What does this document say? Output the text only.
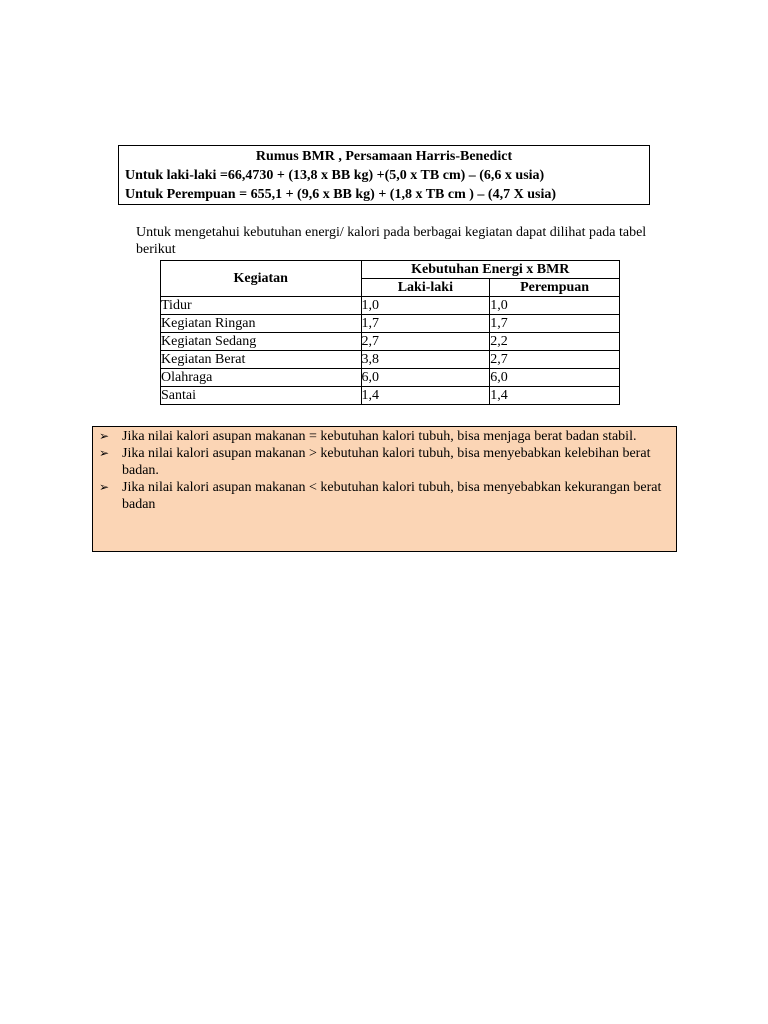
Rumus BMR , Persamaan Harris-Benedict
Untuk laki-laki =66,4730 + (13,8 x BB kg) +(5,0 x TB cm) – (6,6 x usia)
Untuk Perempuan = 655,1 + (9,6 x BB kg) + (1,8 x TB cm ) – (4,7 X usia)
Untuk mengetahui kebutuhan energi/ kalori pada berbagai kegiatan dapat dilihat pada tabel berikut
Kegiatan	Kebutuhan Energi x BMR	
	Laki-laki	Perempuan
Tidur	1,0	1,0
Kegiatan Ringan	1,7	1,7
Kegiatan Sedang	2,7	2,2
Kegiatan Berat	3,8	2,7
Olahraga	6,0	6,0
Santai	1,4	1,4
➢ Jika nilai kalori asupan makanan = kebutuhan kalori tubuh, bisa menjaga berat badan stabil.
➢ Jika nilai kalori asupan makanan > kebutuhan kalori tubuh, bisa menyebabkan kelebihan berat badan.
➢ Jika nilai kalori asupan makanan < kebutuhan kalori tubuh, bisa menyebabkan kekurangan berat badan
